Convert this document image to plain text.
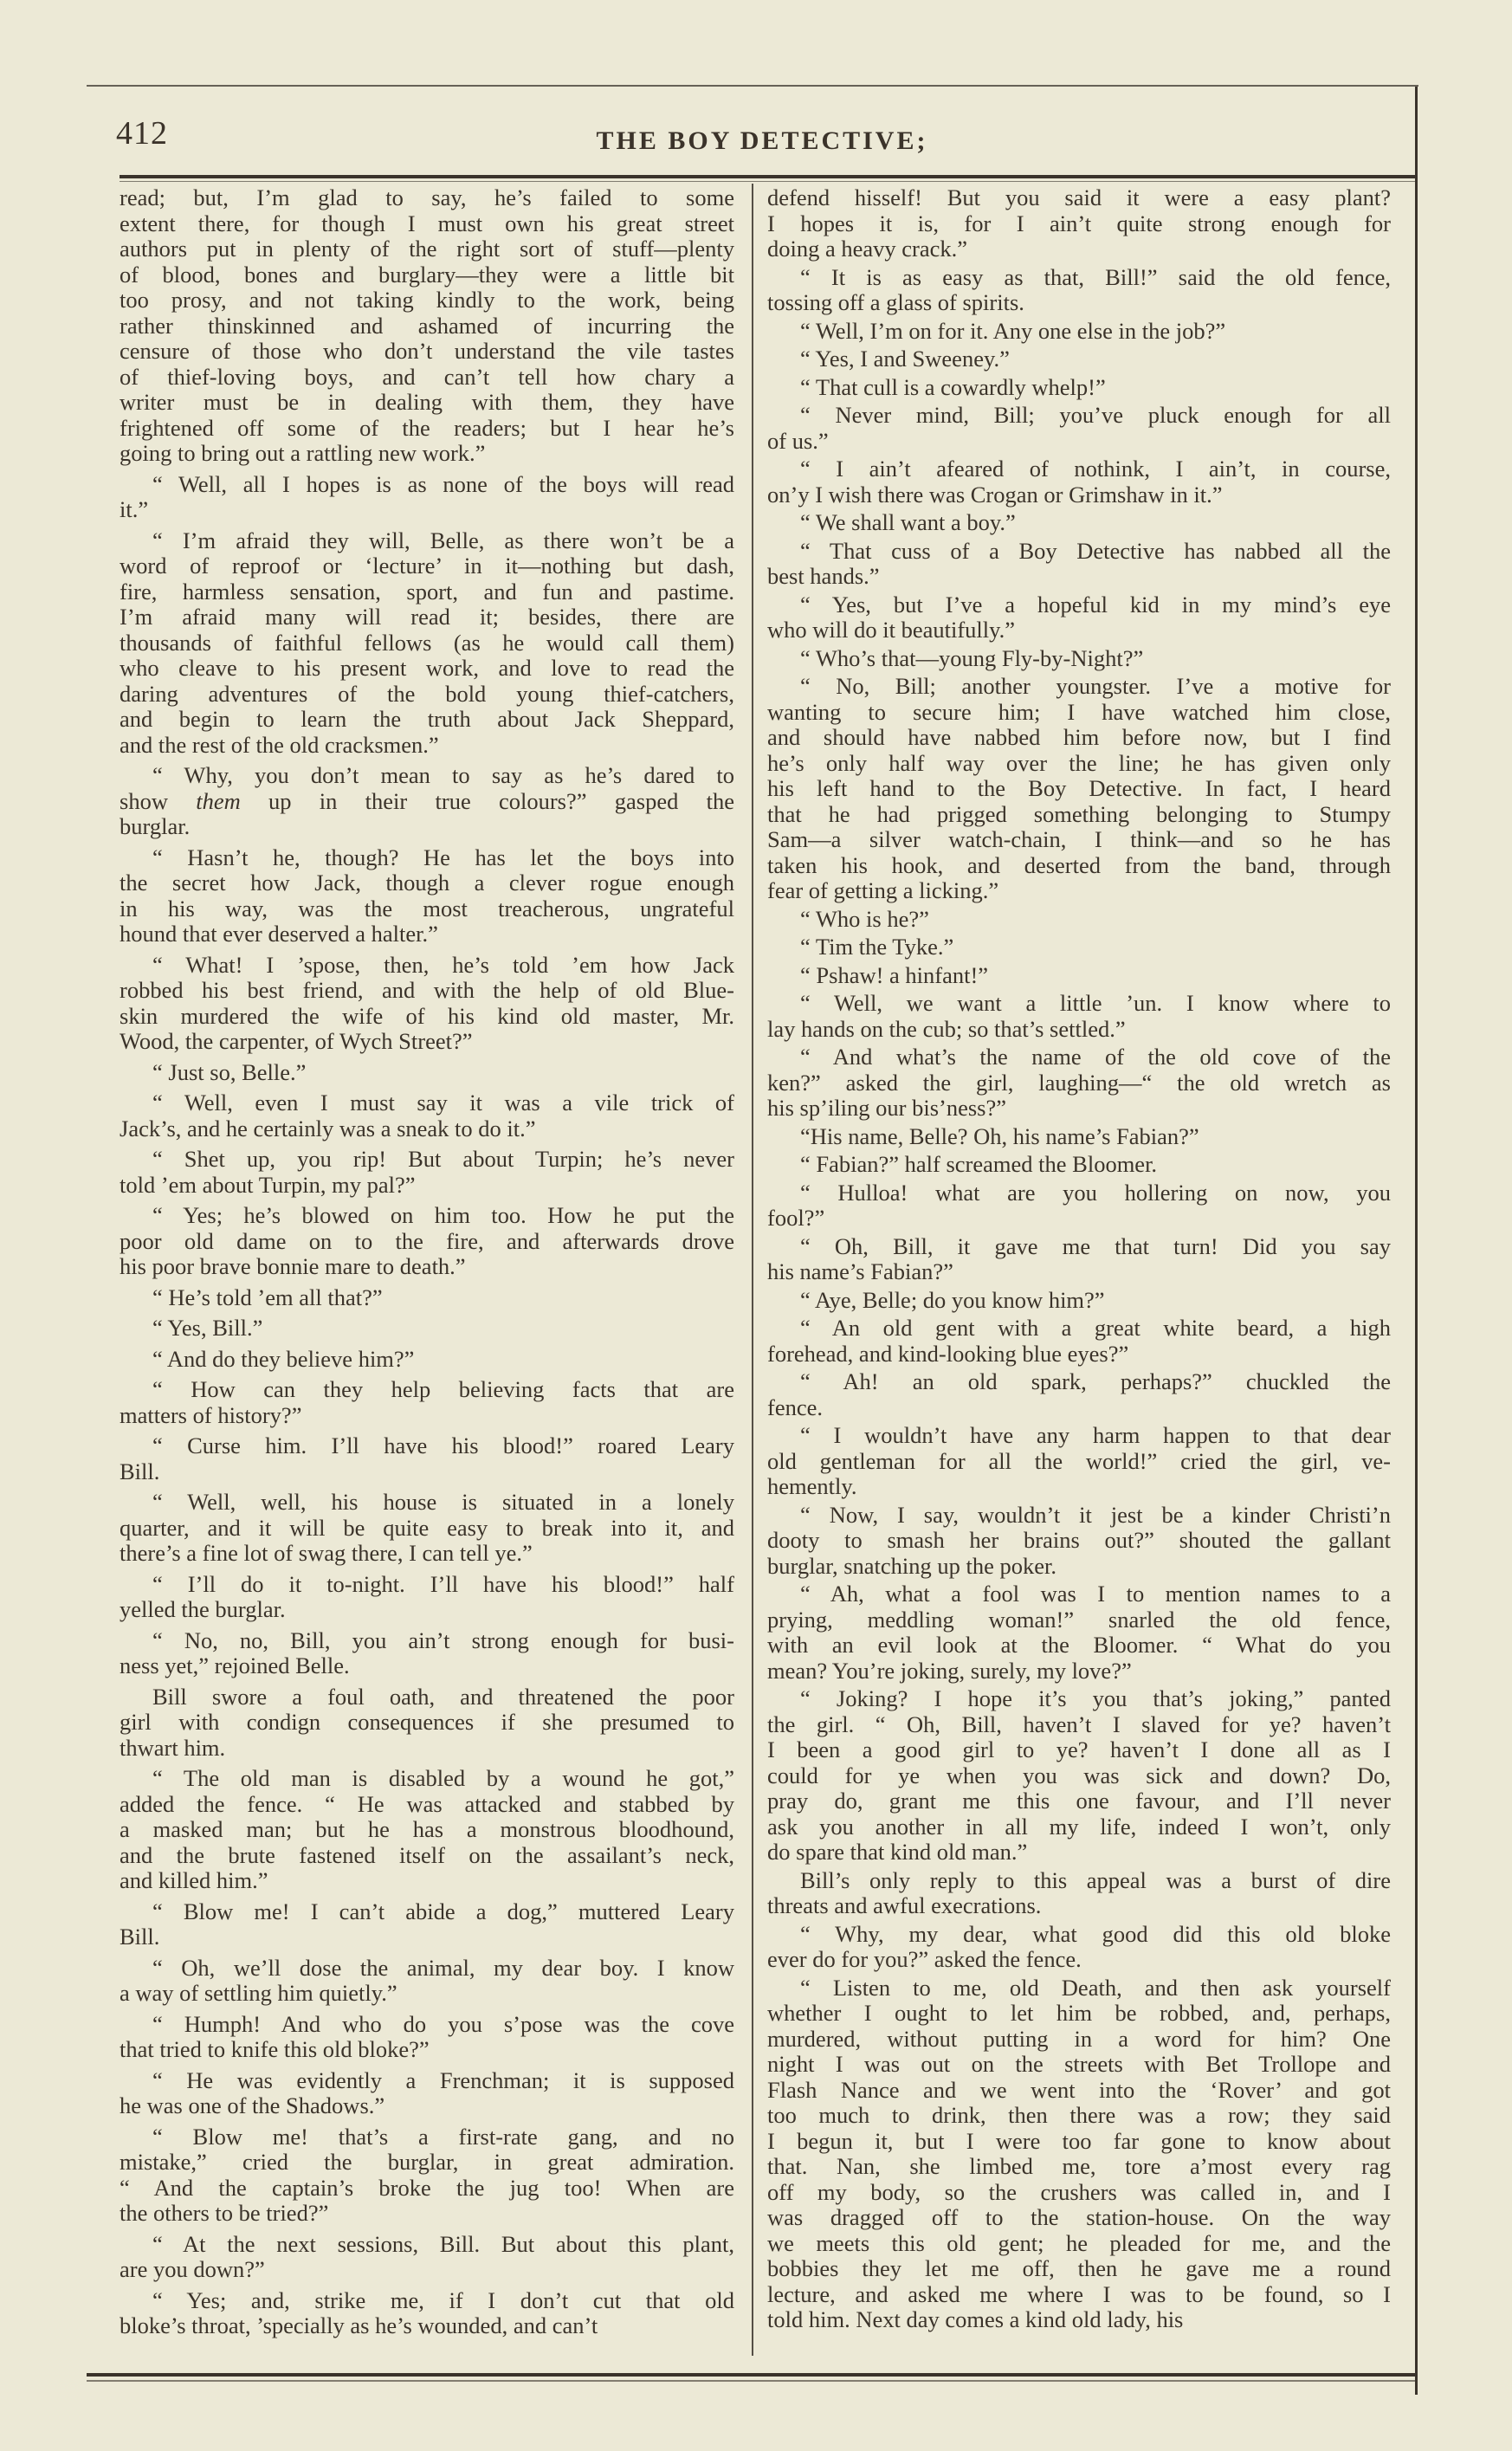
412	THE BOY DETECTIVE;
read; but, I’m glad to say, he’s failed to some
extent there, for though I must own his great street
authors put in plenty of the right sort of stuff—plenty
of blood, bones and burglary—they were a little bit
too prosy, and not taking kindly to the work, being
rather thinskinned and ashamed of incurring the
censure of those who don’t understand the vile tastes
of thief-loving boys, and can’t tell how chary a
writer must be in dealing with them, they have
frightened off some of the readers; but I hear he’s
going to bring out a rattling new work.”
“ Well, all I hopes is as none of the boys will read
it.”
“ I’m afraid they will, Belle, as there won’t be a
word of reproof or ‘lecture’ in it—nothing but dash,
fire, harmless sensation, sport, and fun and pastime.
I’m afraid many will read it; besides, there are
thousands of faithful fellows (as he would call them)
who cleave to his present work, and love to read the
daring adventures of the bold young thief-catchers,
and begin to learn the truth about Jack Sheppard,
and the rest of the old cracksmen.”
“ Why, you don’t mean to say as he’s dared to
show them up in their true colours?” gasped the
burglar.
“ Hasn’t he, though? He has let the boys into
the secret how Jack, though a clever rogue enough
in his way, was the most treacherous, ungrateful
hound that ever deserved a halter.”
“ What! I ’spose, then, he’s told ’em how Jack
robbed his best friend, and with the help of old Blue-
skin murdered the wife of his kind old master, Mr.
Wood, the carpenter, of Wych Street?”
“ Just so, Belle.”
“ Well, even I must say it was a vile trick of
Jack’s, and he certainly was a sneak to do it.”
“ Shet up, you rip! But about Turpin; he’s never
told ’em about Turpin, my pal?”
“ Yes; he’s blowed on him too. How he put the
poor old dame on to the fire, and afterwards drove
his poor brave bonnie mare to death.”
“ He’s told ’em all that?”
“ Yes, Bill.”
“ And do they believe him?”
“ How can they help believing facts that are
matters of history?”
“ Curse him. I’ll have his blood!” roared Leary
Bill.
“ Well, well, his house is situated in a lonely
quarter, and it will be quite easy to break into it, and
there’s a fine lot of swag there, I can tell ye.”
“ I’ll do it to-night. I’ll have his blood!” half
yelled the burglar.
“ No, no, Bill, you ain’t strong enough for busi-
ness yet,” rejoined Belle.
Bill swore a foul oath, and threatened the poor
girl with condign consequences if she presumed to
thwart him.
“ The old man is disabled by a wound he got,”
added the fence. “ He was attacked and stabbed by
a masked man; but he has a monstrous bloodhound,
and the brute fastened itself on the assailant’s neck,
and killed him.”
“ Blow me! I can’t abide a dog,” muttered Leary
Bill.
“ Oh, we’ll dose the animal, my dear boy. I know
a way of settling him quietly.”
“ Humph! And who do you s’pose was the cove
that tried to knife this old bloke?”
“ He was evidently a Frenchman; it is supposed
he was one of the Shadows.”
“ Blow me! that’s a first-rate gang, and no
mistake,” cried the burglar, in great admiration.
“ And the captain’s broke the jug too! When are
the others to be tried?”
“ At the next sessions, Bill. But about this plant,
are you down?”
“ Yes; and, strike me, if I don’t cut that old
bloke’s throat, ’specially as he’s wounded, and can’t
defend hisself! But you said it were a easy plant?
I hopes it is, for I ain’t quite strong enough for
doing a heavy crack.”
“ It is as easy as that, Bill!” said the old fence,
tossing off a glass of spirits.
“ Well, I’m on for it. Any one else in the job?”
“ Yes, I and Sweeney.”
“ That cull is a cowardly whelp!”
“ Never mind, Bill; you’ve pluck enough for all
of us.”
“ I ain’t afeared of nothink, I ain’t, in course,
on’y I wish there was Crogan or Grimshaw in it.”
“ We shall want a boy.”
“ That cuss of a Boy Detective has nabbed all the
best hands.”
“ Yes, but I’ve a hopeful kid in my mind’s eye
who will do it beautifully.”
“ Who’s that—young Fly-by-Night?”
“ No, Bill; another youngster. I’ve a motive for
wanting to secure him; I have watched him close,
and should have nabbed him before now, but I find
he’s only half way over the line; he has given only
his left hand to the Boy Detective. In fact, I heard
that he had prigged something belonging to Stumpy
Sam—a silver watch-chain, I think—and so he has
taken his hook, and deserted from the band, through
fear of getting a licking.”
“ Who is he?”
“ Tim the Tyke.”
“ Pshaw! a hinfant!”
“ Well, we want a little ’un. I know where to
lay hands on the cub; so that’s settled.”
“ And what’s the name of the old cove of the
ken?” asked the girl, laughing—“ the old wretch as
his sp’iling our bis’ness?”
“His name, Belle? Oh, his name’s Fabian?”
“ Fabian?” half screamed the Bloomer.
“ Hulloa! what are you hollering on now, you
fool?”
“ Oh, Bill, it gave me that turn! Did you say
his name’s Fabian?”
“ Aye, Belle; do you know him?”
“ An old gent with a great white beard, a high
forehead, and kind-looking blue eyes?”
“ Ah! an old spark, perhaps?” chuckled the
fence.
“ I wouldn’t have any harm happen to that dear
old gentleman for all the world!” cried the girl, ve-
hemently.
“ Now, I say, wouldn’t it jest be a kinder Christi’n
dooty to smash her brains out?” shouted the gallant
burglar, snatching up the poker.
“ Ah, what a fool was I to mention names to a
prying, meddling woman!” snarled the old fence,
with an evil look at the Bloomer. “ What do you
mean? You’re joking, surely, my love?”
“ Joking? I hope it’s you that’s joking,” panted
the girl. “ Oh, Bill, haven’t I slaved for ye? haven’t
I been a good girl to ye? haven’t I done all as I
could for ye when you was sick and down? Do,
pray do, grant me this one favour, and I’ll never
ask you another in all my life, indeed I won’t, only
do spare that kind old man.”
Bill’s only reply to this appeal was a burst of dire
threats and awful execrations.
“ Why, my dear, what good did this old bloke
ever do for you?” asked the fence.
“ Listen to me, old Death, and then ask yourself
whether I ought to let him be robbed, and, perhaps,
murdered, without putting in a word for him? One
night I was out on the streets with Bet Trollope and
Flash Nance and we went into the ‘Rover’ and got
too much to drink, then there was a row; they said
I begun it, but I were too far gone to know about
that. Nan, she limbed me, tore a’most every rag
off my body, so the crushers was called in, and I
was dragged off to the station-house. On the way
we meets this old gent; he pleaded for me, and the
bobbies they let me off, then he gave me a round
lecture, and asked me where I was to be found, so I
told him. Next day comes a kind old lady, his
